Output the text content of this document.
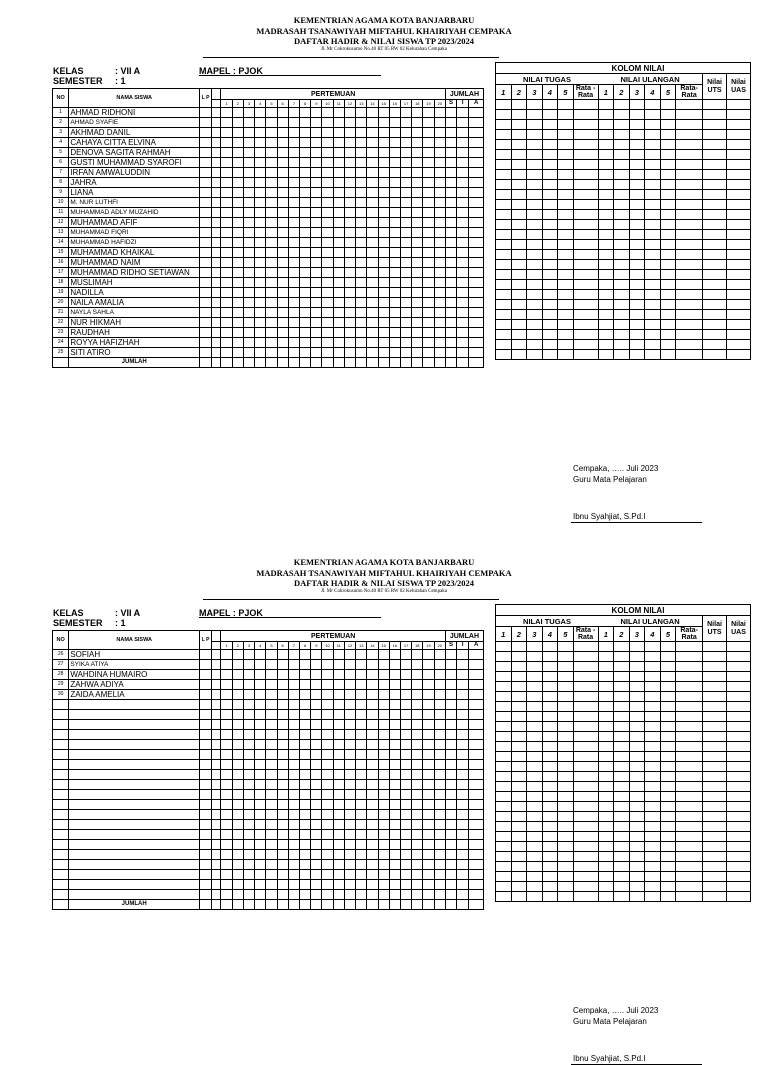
KEMENTRIAN AGAMA KOTA BANJARBARU
MADRASAH TSANAWIYAH MIFTAHUL KHAIRIYAH CEMPAKA
DAFTAR HADIR & NILAI SISWA TP 2023/2024
Jl. Mr Cokrokusumo No.40 RT 05 RW 02 Kelurahan Cempaka
KELAS	: VII A
SEMESTER : 1
MAPEL : PJOK
NO	NAMA SISWA	L P		PERTEMUAN																				JUMLAH		
				1	2	3	4	5	6	7	8	9	10	11	12	13	14	15	16	17	18	19	20	S	I	A
1	AHMAD RIDHONI																									
2	AHMAD SYAFIE																									
3	AKHMAD DANIL																									
4	CAHAYA CITTA ELVINA																									
5	DENOVA SAGITA RAHMAH																									
6	GUSTI MUHAMMAD SYAROFI																									
7	IRFAN AMWALUDDIN																									
8	JAHRA																									
9	LIANA																									
10	M. NUR LUTHFI																									
11	MUHAMMAD ADLY MUZAHID																									
12	MUHAMMAD AFIF																									
13	MUHAMMAD FIQRI																									
14	MUHAMMAD HAFIDZI																									
15	MUHAMMAD KHAIKAL																									
16	MUHAMMAD NAIM																									
17	MUHAMMAD RIDHO SETIAWAN																									
18	MUSLIMAH																									
19	NADILLA																									
20	NAILA AMALIA																									
21	NAYLA SAHLA																									
22	NUR HIKMAH																									
23	RAUDHAH																									
24	ROYYA HAFIZHAH																									
25	SITI ATIRO																									
	JUMLAH																									
KOLOM NILAI													
NILAI TUGAS						NILAI ULANGAN						Nilai UTS	Nilai UAS
1	2	3	4	5	Rata - Rata	1	2	3	4	5	Rata-Rata		

Cempaka, ….. Juli 2023
Guru Mata Pelajaran
Ibnu Syahjiat, S.Pd.I
KEMENTRIAN AGAMA KOTA BANJARBARU
MADRASAH TSANAWIYAH MIFTAHUL KHAIRIYAH CEMPAKA
DAFTAR HADIR & NILAI SISWA TP 2023/2024
Jl. Mr Cokrokusumo No.40 RT 05 RW 02 Kelurahan Cempaka
KELAS	: VII A
SEMESTER : 1
MAPEL : PJOK
NO	NAMA SISWA	L P		PERTEMUAN																				JUMLAH		
				1	2	3	4	5	6	7	8	9	10	11	12	13	14	15	16	17	18	19	20	S	I	A
26	SOFIAH																									
27	SYIKA ATIYA																									
28	WAHDINA HUMAIRO																									
29	ZAHWA ADIYA																									
30	ZAIDA AMELIA																									

	JUMLAH																									
KOLOM NILAI													
NILAI TUGAS						NILAI ULANGAN						Nilai UTS	Nilai UAS
1	2	3	4	5	Rata - Rata	1	2	3	4	5	Rata-Rata		

Cempaka, ….. Juli 2023
Guru Mata Pelajaran
Ibnu Syahjiat, S.Pd.I
